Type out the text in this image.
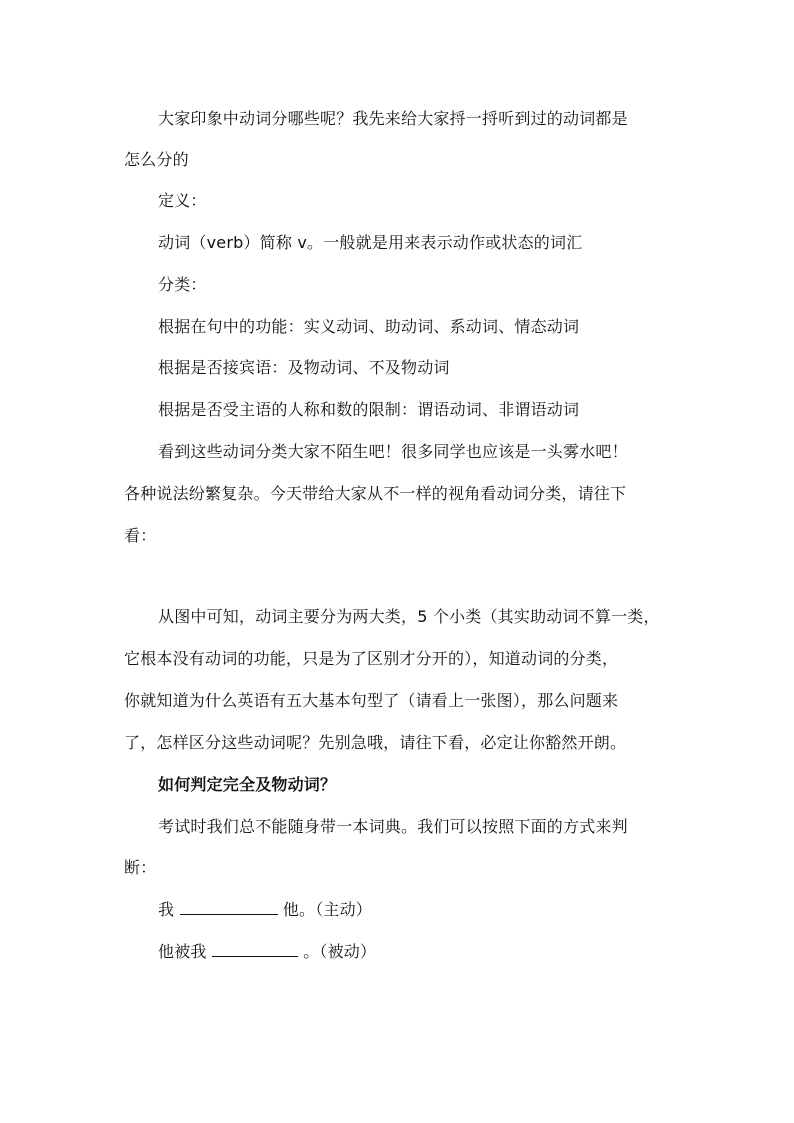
大家印象中动词分哪些呢？我先来给大家捋一捋听到过的动词都是
怎么分的
定义：
动词（verb）简称 v。一般就是用来表示动作或状态的词汇
分类：
根据在句中的功能：实义动词、助动词、系动词、情态动词
根据是否接宾语：及物动词、不及物动词
根据是否受主语的人称和数的限制：谓语动词、非谓语动词
看到这些动词分类大家不陌生吧！很多同学也应该是一头雾水吧！
各种说法纷繁复杂。今天带给大家从不一样的视角看动词分类，请往下
看：
从图中可知，动词主要分为两大类，5 个小类（其实助动词不算一类，
它根本没有动词的功能，只是为了区别才分开的），知道动词的分类，
你就知道为什么英语有五大基本句型了（请看上一张图），那么问题来
了，怎样区分这些动词呢？先别急哦，请往下看，必定让你豁然开朗。
如何判定完全及物动词？
考试时我们总不能随身带一本词典。我们可以按照下面的方式来判
断：
我	他。（主动）
他被我	。（被动）
